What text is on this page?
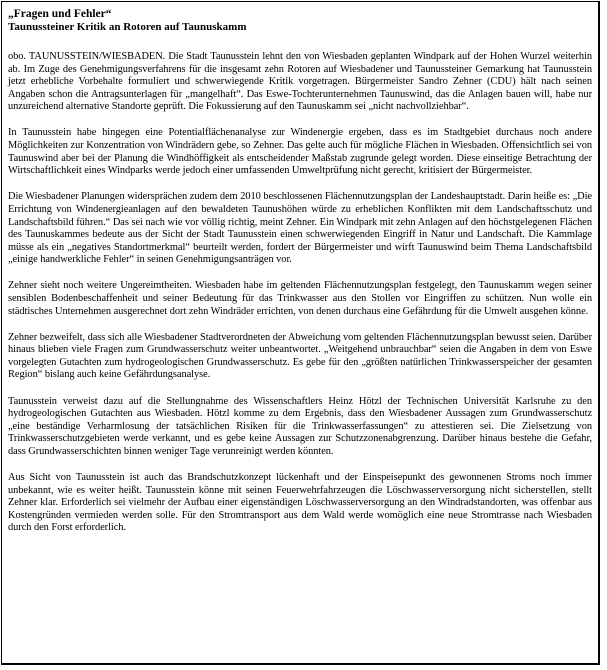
„Fragen und Fehler“
Taunussteiner Kritik an Rotoren auf Taunuskamm

obo. TAUNUSSTEIN/WIESBADEN. Die Stadt Taunusstein lehnt den von Wiesbaden geplanten Windpark auf der Hohen Wurzel weiterhin ab. Im Zuge des Genehmigungsverfahrens für die insgesamt zehn Rotoren auf Wiesbadener und Taunussteiner Gemarkung hat Taunusstein jetzt erhebliche Vorbehalte formuliert und schwerwiegende Kritik vorgetragen. Bürgermeister Sandro Zehner (CDU) hält nach seinen Angaben schon die Antragsunterlagen für „mangelhaft“. Das Eswe-Tochterunternehmen Taunuswind, das die Anlagen bauen will, habe nur unzureichend alternative Standorte geprüft. Die Fokussierung auf den Taunuskamm sei „nicht nachvollziehbar“.

In Taunusstein habe hingegen eine Potentialflächenanalyse zur Windenergie ergeben, dass es im Stadtgebiet durchaus noch andere Möglichkeiten zur Konzentration von Windrädern gebe, so Zehner. Das gelte auch für mögliche Flächen in Wiesbaden. Offensichtlich sei von Taunuswind aber bei der Planung die Windhöffigkeit als entscheidender Maßstab zugrunde gelegt worden. Diese einseitige Betrachtung der Wirtschaftlichkeit eines Windparks werde jedoch einer umfassenden Umweltprüfung nicht gerecht, kritisiert der Bürgermeister.

Die Wiesbadener Planungen widersprächen zudem dem 2010 beschlossenen Flächennutzungsplan der Landeshauptstadt. Darin heiße es: „Die Errichtung von Windenergieanlagen auf den bewaldeten Taunushöhen würde zu erheblichen Konflikten mit dem Landschaftsschutz und Landschaftsbild führen.“ Das sei nach wie vor völlig richtig, meint Zehner. Ein Windpark mit zehn Anlagen auf den höchstgelegenen Flächen des Taunuskammes bedeute aus der Sicht der Stadt Taunusstein einen schwerwiegenden Eingriff in Natur und Landschaft. Die Kammlage müsse als ein „negatives Standortmerkmal“ beurteilt werden, fordert der Bürgermeister und wirft Taunuswind beim Thema Landschaftsbild „einige handwerkliche Fehler“ in seinen Genehmigungsanträgen vor.

Zehner sieht noch weitere Ungereimtheiten. Wiesbaden habe im geltenden Flächennutzungsplan festgelegt, den Taunuskamm wegen seiner sensiblen Bodenbeschaffenheit und seiner Bedeutung für das Trinkwasser aus den Stollen vor Eingriffen zu schützen. Nun wolle ein städtisches Unternehmen ausgerechnet dort zehn Windräder errichten, von denen durchaus eine Gefährdung für die Umwelt ausgehen könne.

Zehner bezweifelt, dass sich alle Wiesbadener Stadtverordneten der Abweichung vom geltenden Flächennutzungsplan bewusst seien. Darüber hinaus blieben viele Fragen zum Grundwasserschutz weiter unbeantwortet. „Weitgehend unbrauchbar“ seien die Angaben in dem von Eswe vorgelegten Gutachten zum hydrogeologischen Grundwasserschutz. Es gebe für den „größten natürlichen Trinkwasserspeicher der gesamten Region“ bislang auch keine Gefährdungsanalyse.

Taunusstein verweist dazu auf die Stellungnahme des Wissenschaftlers Heinz Hötzl der Technischen Universität Karlsruhe zu den hydrogeologischen Gutachten aus Wiesbaden. Hötzl komme zu dem Ergebnis, dass den Wiesbadener Aussagen zum Grundwasserschutz „eine beständige Verharmlosung der tatsächlichen Risiken für die Trinkwasserfassungen“ zu attestieren sei. Die Zielsetzung von Trinkwasserschutzgebieten werde verkannt, und es gebe keine Aussagen zur Schutzzonenabgrenzung. Darüber hinaus bestehe die Gefahr, dass Grundwasserschichten binnen weniger Tage verunreinigt werden könnten.

Aus Sicht von Taunusstein ist auch das Brandschutzkonzept lückenhaft und der Einspeisepunkt des gewonnenen Stroms noch immer unbekannt, wie es weiter heißt. Taunusstein könne mit seinen Feuerwehrfahrzeugen die Löschwasserversorgung nicht sicherstellen, stellt Zehner klar. Erforderlich sei vielmehr der Aufbau einer eigenständigen Löschwasserversorgung an den Windradstandorten, was offenbar aus Kostengründen vermieden werden solle. Für den Stromtransport aus dem Wald werde womöglich eine neue Stromtrasse nach Wiesbaden durch den Forst erforderlich.
